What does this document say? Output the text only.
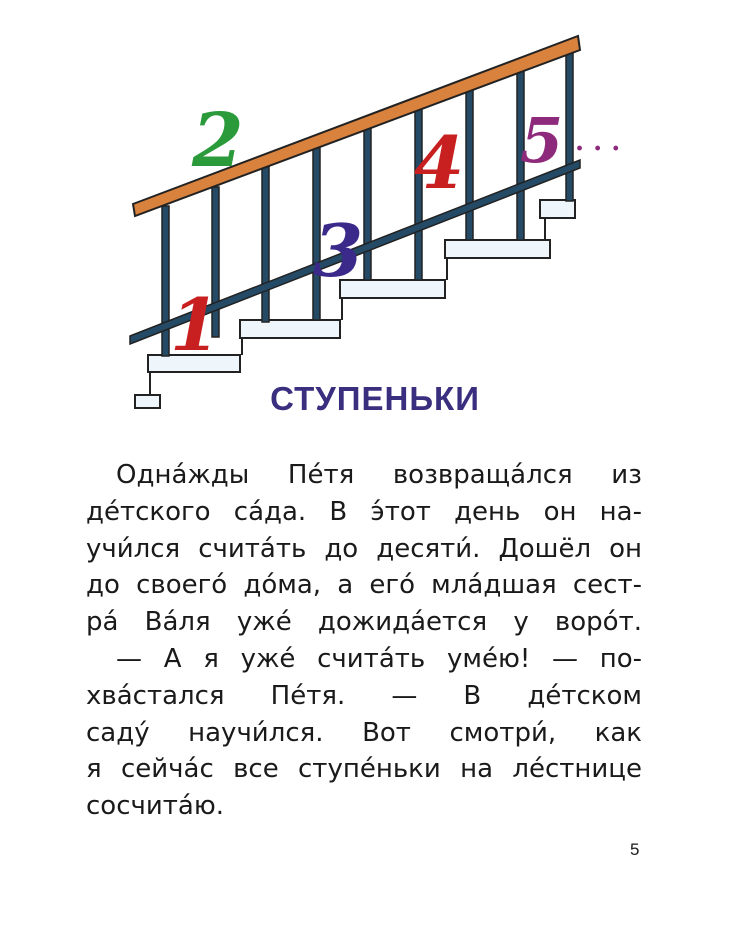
1
2
3
4 5 . . .
СТУПЕНЬКИ

Однáжды Пéтя возвращáлся из
дéтского сáда. В э́тот день он на-
учи́лся считáть до десяти́. Дошёл он
до своегó дóма, а егó млáдшая сест-
рá Вáля ужé дожидáется у ворóт.

— А я ужé считáть умéю! — по-
хвáстался Пéтя. — В дéтском
садý научи́лся. Вот смотри́, как
я сейчáс все ступéньки на лéстнице
сосчитáю.

5
